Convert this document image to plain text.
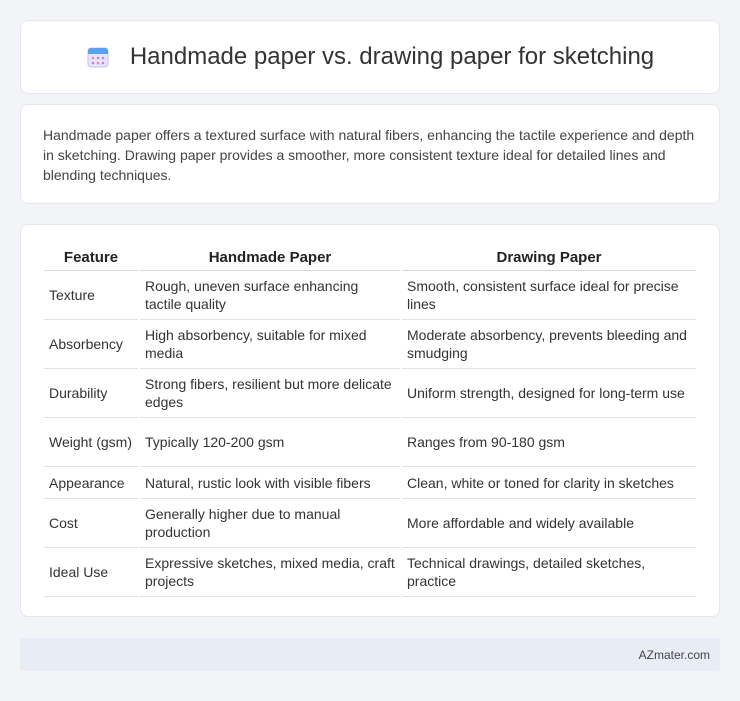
Handmade paper vs. drawing paper for sketching

Handmade paper offers a textured surface with natural fibers, enhancing the tactile experience and depth in sketching. Drawing paper provides a smoother, more consistent texture ideal for detailed lines and blending techniques.

Feature	Handmade Paper	Drawing Paper
Texture	Rough, uneven surface enhancing tactile quality	Smooth, consistent surface ideal for precise lines
Absorbency	High absorbency, suitable for mixed media	Moderate absorbency, prevents bleeding and smudging
Durability	Strong fibers, resilient but more delicate edges	Uniform strength, designed for long-term use
Weight (gsm)	Typically 120-200 gsm	Ranges from 90-180 gsm
Appearance	Natural, rustic look with visible fibers	Clean, white or toned for clarity in sketches
Cost	Generally higher due to manual production	More affordable and widely available
Ideal Use	Expressive sketches, mixed media, craft projects	Technical drawings, detailed sketches, practice
AZmater.com
